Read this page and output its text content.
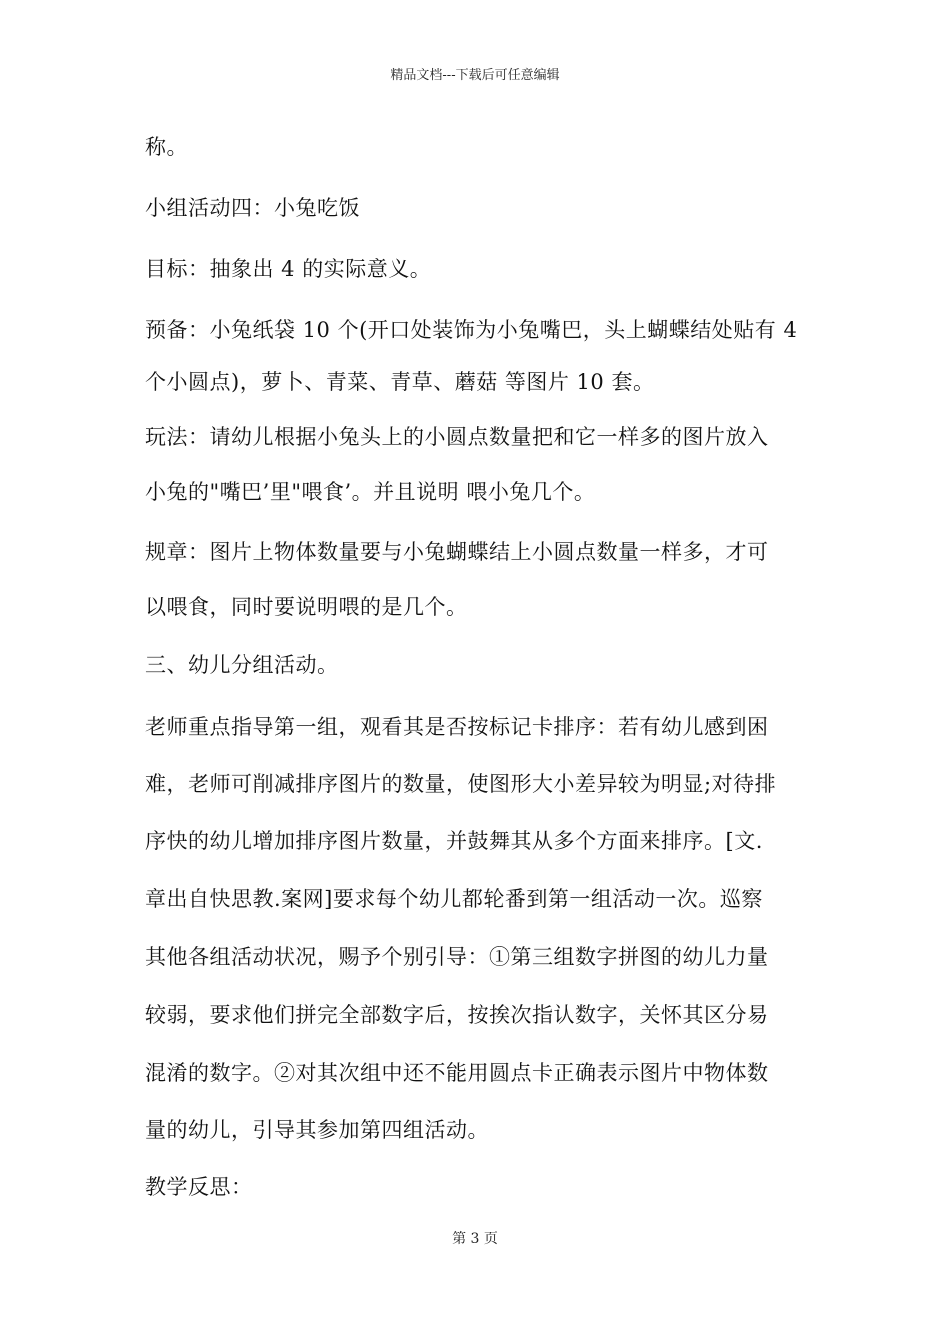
精品文档---下载后可任意编辑
称。
小组活动四：小兔吃饭
目标：抽象出 4 的实际意义。
预备：小兔纸袋 10 个(开口处装饰为小兔嘴巴，头上蝴蝶结处贴有 4
个小圆点)，萝卜、青菜、青草、蘑菇 等图片 10 套。
玩法：请幼儿根据小兔头上的小圆点数量把和它一样多的图片放入
小兔的"嘴巴’里"喂食’。并且说明 喂小兔几个。
规章：图片上物体数量要与小兔蝴蝶结上小圆点数量一样多，才可
以喂食，同时要说明喂的是几个。
三、幼儿分组活动。
老师重点指导第一组，观看其是否按标记卡排序：若有幼儿感到困
难，老师可削减排序图片的数量，使图形大小差异较为明显;对待排
序快的幼儿增加排序图片数量，并鼓舞其从多个方面来排序。[文.
章出自快思教.案网]要求每个幼儿都轮番到第一组活动一次。巡察
其他各组活动状况，赐予个别引导：①第三组数字拼图的幼儿力量
较弱，要求他们拼完全部数字后，按挨次指认数字，关怀其区分易
混淆的数字。②对其次组中还不能用圆点卡正确表示图片中物体数
量的幼儿，引导其参加第四组活动。
教学反思：
第 3 页
